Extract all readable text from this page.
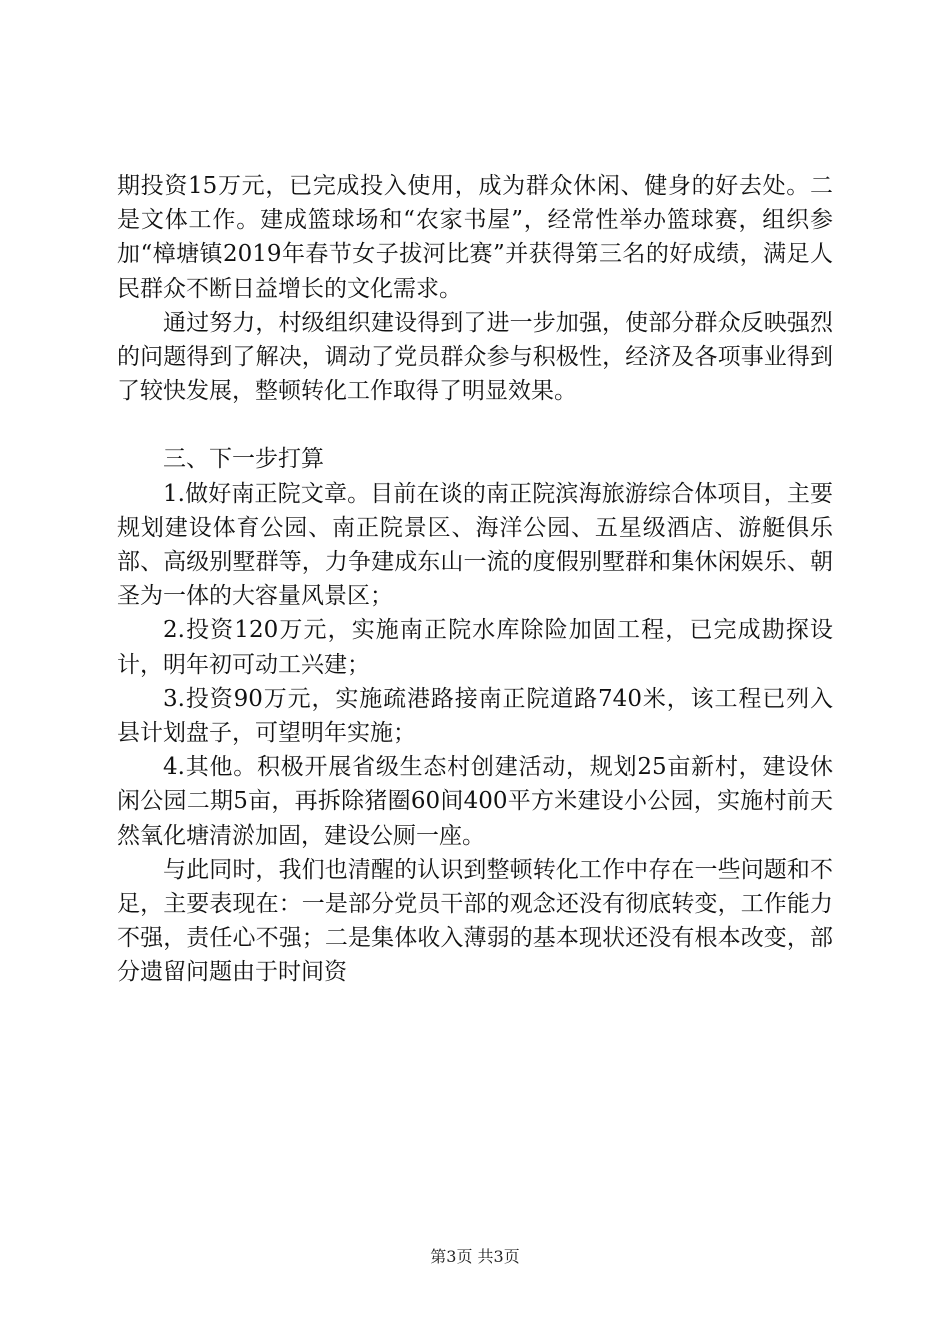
期投资15万元，已完成投入使用，成为群众休闲、健身的好去处。二是文体工作。建成篮球场和“农家书屋”，经常性举办篮球赛，组织参加“樟塘镇2019年春节女子拔河比赛”并获得第三名的好成绩，满足人民群众不断日益增长的文化需求。

通过努力，村级组织建设得到了进一步加强，使部分群众反映强烈的问题得到了解决，调动了党员群众参与积极性，经济及各项事业得到了较快发展，整顿转化工作取得了明显效果。

三、下一步打算

1.做好南正院文章。目前在谈的南正院滨海旅游综合体项目，主要规划建设体育公园、南正院景区、海洋公园、五星级酒店、游艇俱乐部、高级别墅群等，力争建成东山一流的度假别墅群和集休闲娱乐、朝圣为一体的大容量风景区；

2.投资120万元，实施南正院水库除险加固工程，已完成勘探设计，明年初可动工兴建；

3.投资90万元，实施疏港路接南正院道路740米，该工程已列入县计划盘子，可望明年实施；

4.其他。积极开展省级生态村创建活动，规划25亩新村，建设休闲公园二期5亩，再拆除猪圈60间400平方米建设小公园，实施村前天然氧化塘清淤加固，建设公厕一座。

与此同时，我们也清醒的认识到整顿转化工作中存在一些问题和不足，主要表现在：一是部分党员干部的观念还没有彻底转变，工作能力不强，责任心不强；二是集体收入薄弱的基本现状还没有根本改变，部分遗留问题由于时间资

第3页 共3页
